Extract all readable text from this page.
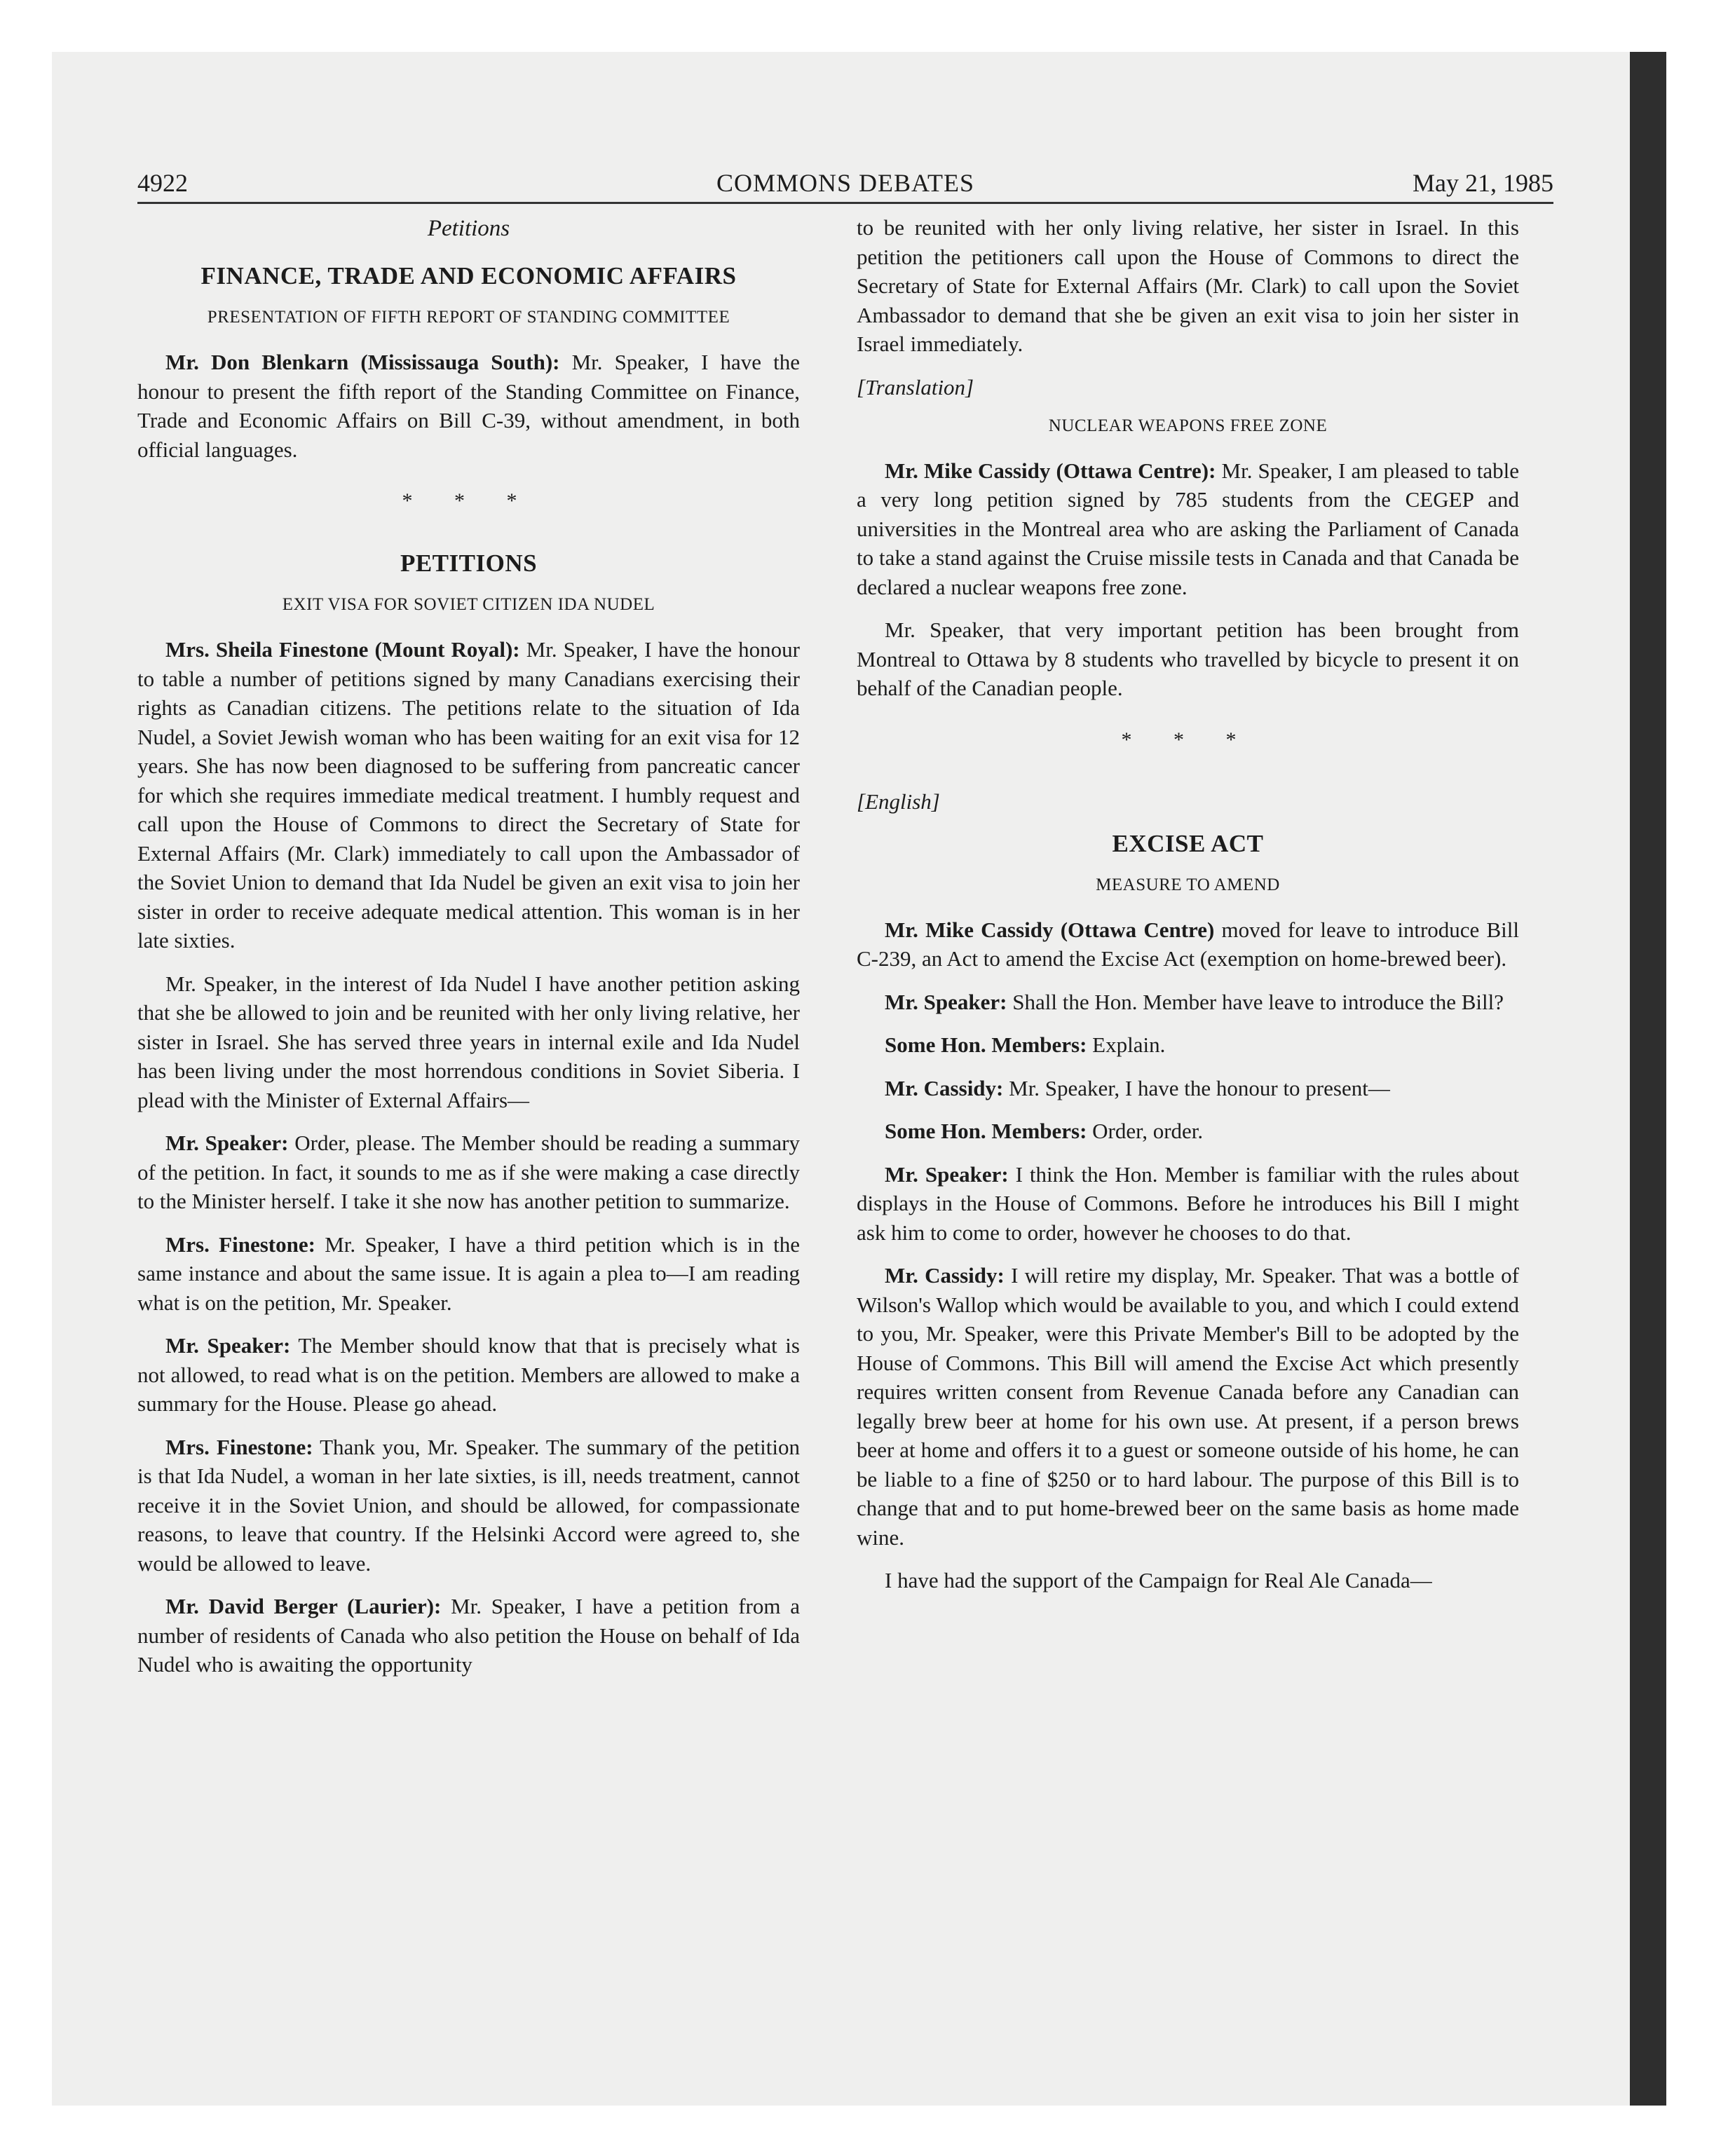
4922	COMMONS DEBATES	May 21, 1985
Petitions
FINANCE, TRADE AND ECONOMIC AFFAIRS
PRESENTATION OF FIFTH REPORT OF STANDING COMMITTEE

Mr. Don Blenkarn (Mississauga South): Mr. Speaker, I have the honour to present the fifth report of the Standing Committee on Finance, Trade and Economic Affairs on Bill C-39, without amendment, in both official languages.

* * *
PETITIONS
EXIT VISA FOR SOVIET CITIZEN IDA NUDEL

Mrs. Sheila Finestone (Mount Royal): Mr. Speaker, I have the honour to table a number of petitions signed by many Canadians exercising their rights as Canadian citizens. The petitions relate to the situation of Ida Nudel, a Soviet Jewish woman who has been waiting for an exit visa for 12 years. She has now been diagnosed to be suffering from pancreatic cancer for which she requires immediate medical treatment. I humbly request and call upon the House of Commons to direct the Secretary of State for External Affairs (Mr. Clark) immediately to call upon the Ambassador of the Soviet Union to demand that Ida Nudel be given an exit visa to join her sister in order to receive adequate medical attention. This woman is in her late sixties.

Mr. Speaker, in the interest of Ida Nudel I have another petition asking that she be allowed to join and be reunited with her only living relative, her sister in Israel. She has served three years in internal exile and Ida Nudel has been living under the most horrendous conditions in Soviet Siberia. I plead with the Minister of External Affairs—

Mr. Speaker: Order, please. The Member should be reading a summary of the petition. In fact, it sounds to me as if she were making a case directly to the Minister herself. I take it she now has another petition to summarize.

Mrs. Finestone: Mr. Speaker, I have a third petition which is in the same instance and about the same issue. It is again a plea to—I am reading what is on the petition, Mr. Speaker.

Mr. Speaker: The Member should know that that is precisely what is not allowed, to read what is on the petition. Members are allowed to make a summary for the House. Please go ahead.

Mrs. Finestone: Thank you, Mr. Speaker. The summary of the petition is that Ida Nudel, a woman in her late sixties, is ill, needs treatment, cannot receive it in the Soviet Union, and should be allowed, for compassionate reasons, to leave that country. If the Helsinki Accord were agreed to, she would be allowed to leave.

Mr. David Berger (Laurier): Mr. Speaker, I have a petition from a number of residents of Canada who also petition the House on behalf of Ida Nudel who is awaiting the opportunity

to be reunited with her only living relative, her sister in Israel. In this petition the petitioners call upon the House of Commons to direct the Secretary of State for External Affairs (Mr. Clark) to call upon the Soviet Ambassador to demand that she be given an exit visa to join her sister in Israel immediately.

[Translation]
NUCLEAR WEAPONS FREE ZONE

Mr. Mike Cassidy (Ottawa Centre): Mr. Speaker, I am pleased to table a very long petition signed by 785 students from the CEGEP and universities in the Montreal area who are asking the Parliament of Canada to take a stand against the Cruise missile tests in Canada and that Canada be declared a nuclear weapons free zone.

Mr. Speaker, that very important petition has been brought from Montreal to Ottawa by 8 students who travelled by bicycle to present it on behalf of the Canadian people.

* * *
[English]
EXCISE ACT
MEASURE TO AMEND

Mr. Mike Cassidy (Ottawa Centre) moved for leave to introduce Bill C-239, an Act to amend the Excise Act (exemption on home-brewed beer).

Mr. Speaker: Shall the Hon. Member have leave to introduce the Bill?

Some Hon. Members: Explain.

Mr. Cassidy: Mr. Speaker, I have the honour to present—

Some Hon. Members: Order, order.

Mr. Speaker: I think the Hon. Member is familiar with the rules about displays in the House of Commons. Before he introduces his Bill I might ask him to come to order, however he chooses to do that.

Mr. Cassidy: I will retire my display, Mr. Speaker. That was a bottle of Wilson's Wallop which would be available to you, and which I could extend to you, Mr. Speaker, were this Private Member's Bill to be adopted by the House of Commons. This Bill will amend the Excise Act which presently requires written consent from Revenue Canada before any Canadian can legally brew beer at home for his own use. At present, if a person brews beer at home and offers it to a guest or someone outside of his home, he can be liable to a fine of $250 or to hard labour. The purpose of this Bill is to change that and to put home-brewed beer on the same basis as home made wine.

I have had the support of the Campaign for Real Ale Canada—
